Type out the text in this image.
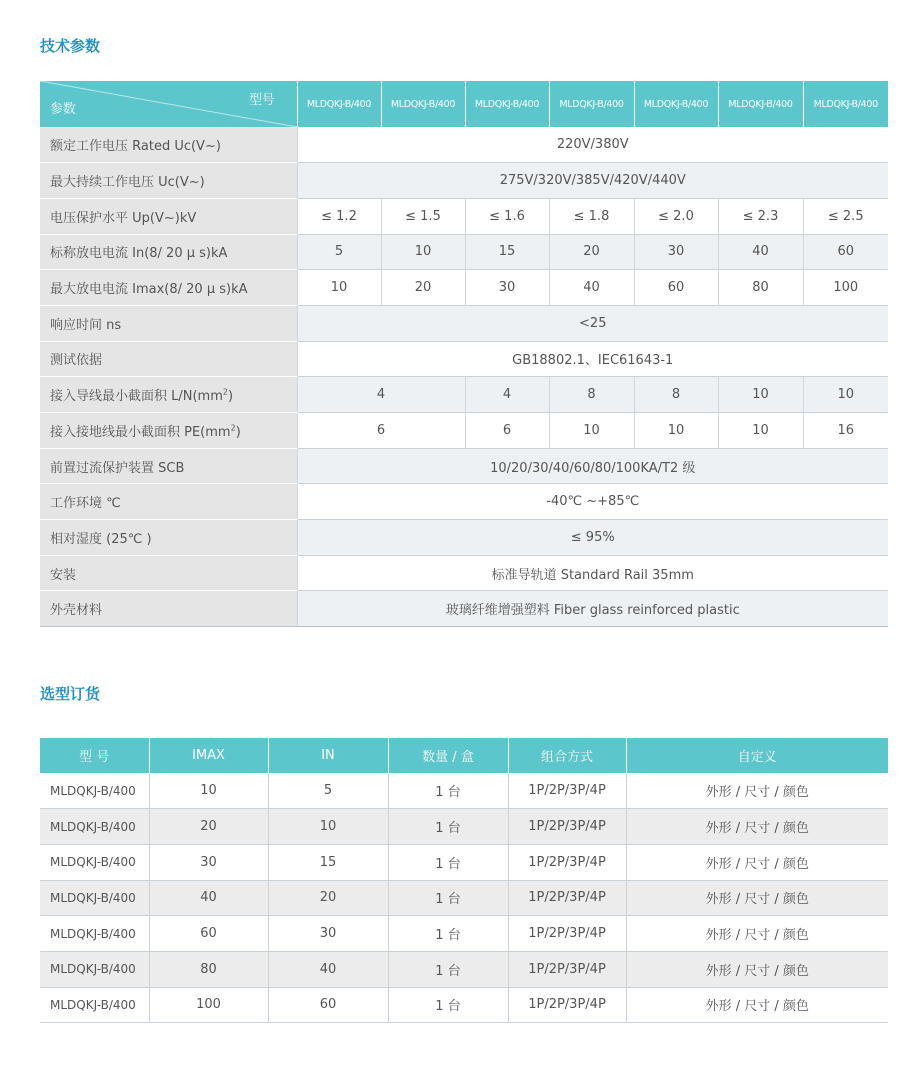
技术参数
型号
参数	MLDQKJ-B/400	MLDQKJ-B/400	MLDQKJ-B/400	MLDQKJ-B/400	MLDQKJ-B/400	MLDQKJ-B/400	MLDQKJ-B/400
额定工作电压 Rated Uc(V~)	220V/380V						
最大持续工作电压 Uc(V~)	275V/320V/385V/420V/440V						
电压保护水平 Up(V~)kV	≤ 1.2	≤ 1.5	≤ 1.6	≤ 1.8	≤ 2.0	≤ 2.3	≤ 2.5
标称放电电流 In(8/ 20 μ s)kA	5	10	15	20	30	40	60
最大放电电流 Imax(8/ 20 μ s)kA	10	20	30	40	60	80	100
响应时间 ns	<25						
测试依据	GB18802.1、IEC61643-1						
接入导线最小截面积 $L/N(mm^2)$	4		4	8	8	10	10
接入接地线最小截面积 $PE(mm^2)$	6		6	10	10	10	16
前置过流保护装置 SCB	10/20/30/40/60/80/100KA/T2 级						
工作环境 ℃	-40℃ ~+85℃						
相对湿度 (25℃ )	≤ 95%						
安装	标准导轨道 Standard Rail 35mm						
外壳材料	玻璃纤维增强塑料 Fiber glass reinforced plastic						
选型订货
型 号	IMAX	IN	数量 / 盒	组合方式	自定义
MLDQKJ-B/400	10	5	1 台	1P/2P/3P/4P	外形 / 尺寸 / 颜色
MLDQKJ-B/400	20	10	1 台	1P/2P/3P/4P	外形 / 尺寸 / 颜色
MLDQKJ-B/400	30	15	1 台	1P/2P/3P/4P	外形 / 尺寸 / 颜色
MLDQKJ-B/400	40	20	1 台	1P/2P/3P/4P	外形 / 尺寸 / 颜色
MLDQKJ-B/400	60	30	1 台	1P/2P/3P/4P	外形 / 尺寸 / 颜色
MLDQKJ-B/400	80	40	1 台	1P/2P/3P/4P	外形 / 尺寸 / 颜色
MLDQKJ-B/400	100	60	1 台	1P/2P/3P/4P	外形 / 尺寸 / 颜色
